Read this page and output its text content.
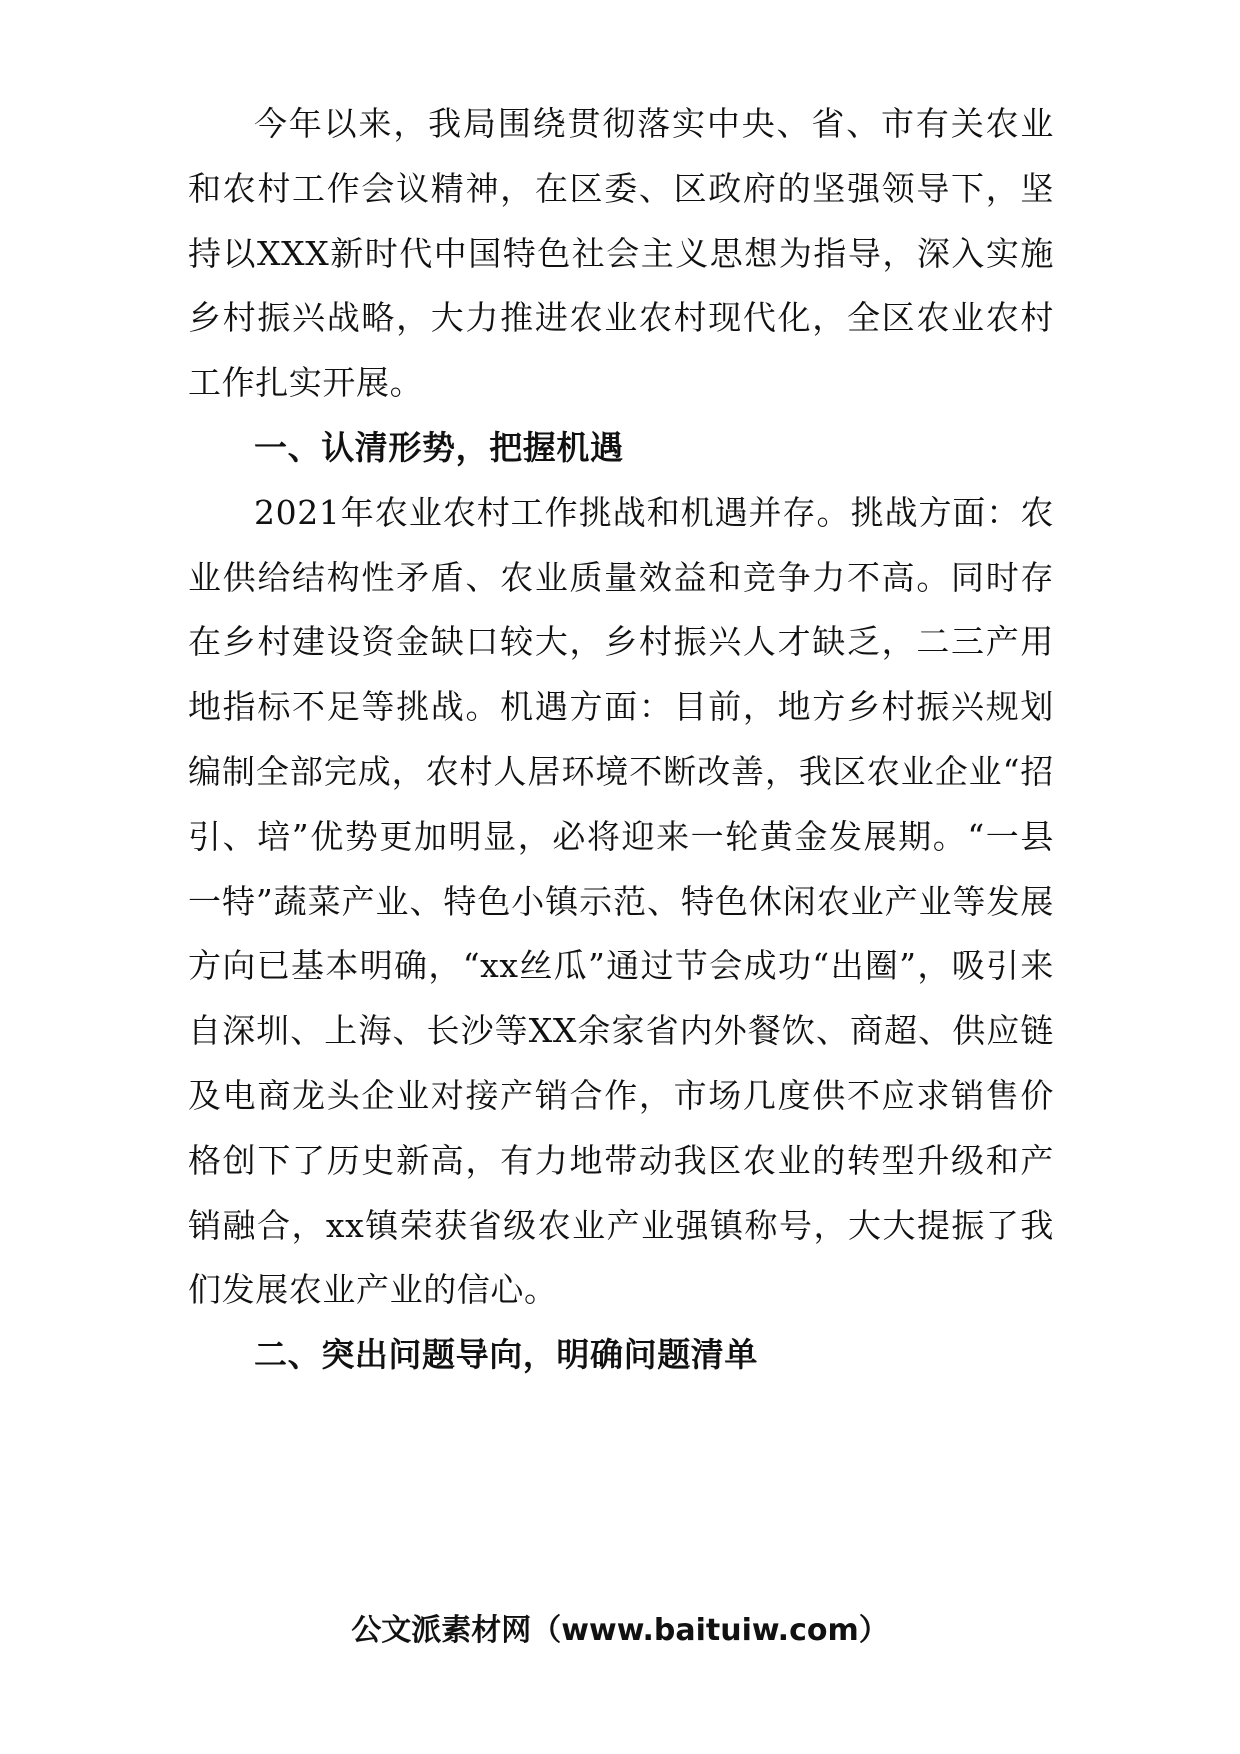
今年以来，我局围绕贯彻落实中央、省、市有关农业和农村工作会议精神，在区委、区政府的坚强领导下，坚持以XXX新时代中国特色社会主义思想为指导，深入实施乡村振兴战略，大力推进农业农村现代化，全区农业农村工作扎实开展。

一、认清形势，把握机遇

2021年农业农村工作挑战和机遇并存。挑战方面：农业供给结构性矛盾、农业质量效益和竞争力不高。同时存在乡村建设资金缺口较大，乡村振兴人才缺乏，二三产用地指标不足等挑战。机遇方面：目前，地方乡村振兴规划编制全部完成，农村人居环境不断改善，我区农业企业“招引、培”优势更加明显，必将迎来一轮黄金发展期。“一县一特”蔬菜产业、特色小镇示范、特色休闲农业产业等发展方向已基本明确，“xx丝瓜”通过节会成功“出圈”，吸引来自深圳、上海、长沙等XX余家省内外餐饮、商超、供应链及电商龙头企业对接产销合作，市场几度供不应求销售价格创下了历史新高，有力地带动我区农业的转型升级和产销融合，xx镇荣获省级农业产业强镇称号，大大提振了我们发展农业产业的信心。

二、突出问题导向，明确问题清单

公文派素材网（www.baituiw.com）
